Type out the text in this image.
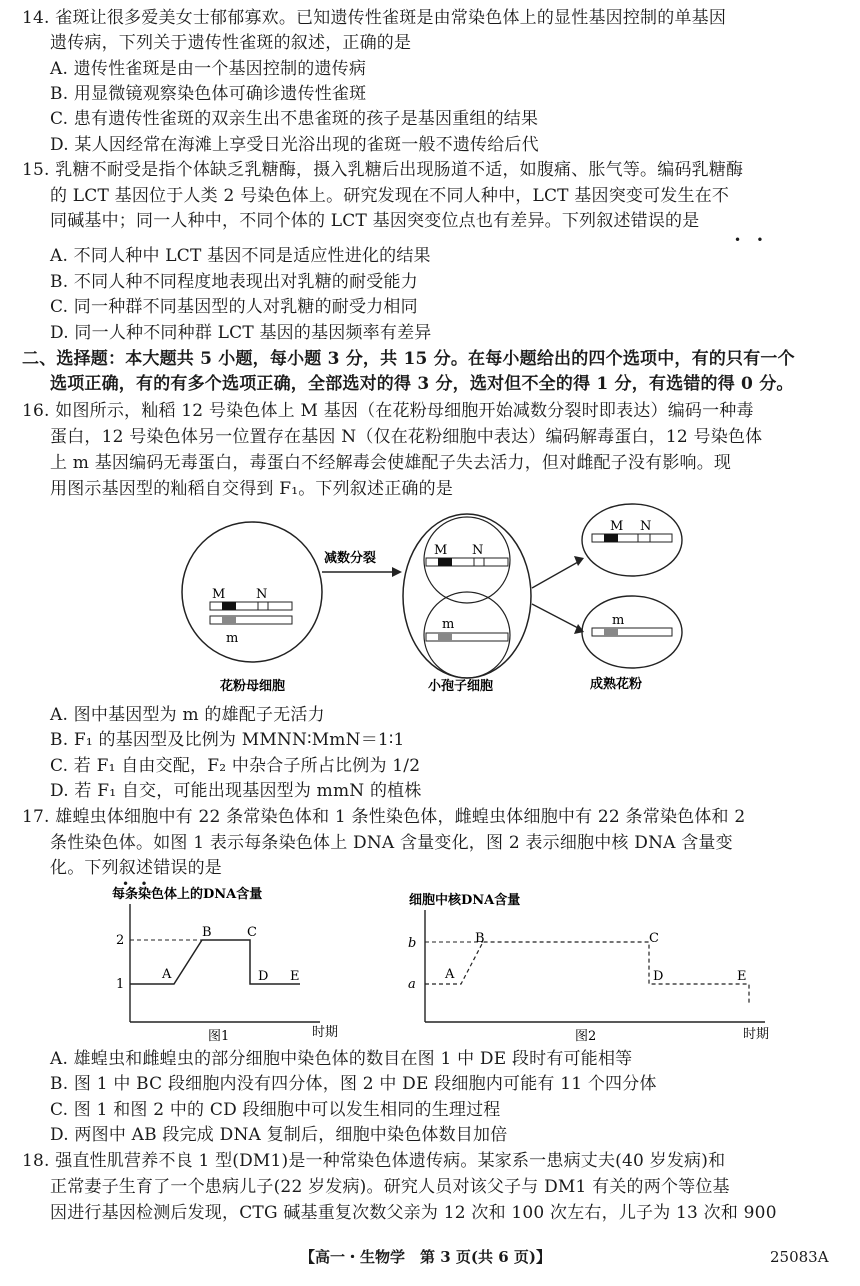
14. 雀斑让很多爱美女士郁郁寡欢。已知遗传性雀斑是由常染色体上的显性基因控制的单基因
遗传病，下列关于遗传性雀斑的叙述，正确的是
A. 遗传性雀斑是由一个基因控制的遗传病
B. 用显微镜观察染色体可确诊遗传性雀斑
C. 患有遗传性雀斑的双亲生出不患雀斑的孩子是基因重组的结果
D. 某人因经常在海滩上享受日光浴出现的雀斑一般不遗传给后代
15. 乳糖不耐受是指个体缺乏乳糖酶，摄入乳糖后出现肠道不适，如腹痛、胀气等。编码乳糖酶
的 LCT 基因位于人类 2 号染色体上。研究发现在不同人种中，LCT 基因突变可发生在不
同碱基中；同一人种中，不同个体的 LCT 基因突变位点也有差异。下列叙述错误的是
•    •
A. 不同人种中 LCT 基因不同是适应性进化的结果
B. 不同人种不同程度地表现出对乳糖的耐受能力
C. 同一种群不同基因型的人对乳糖的耐受力相同
D. 同一人种不同种群 LCT 基因的基因频率有差异
二、选择题：本大题共 5 小题，每小题 3 分，共 15 分。在每小题给出的四个选项中，有的只有一个
选项正确，有的有多个选项正确，全部选对的得 3 分，选对但不全的得 1 分，有选错的得 0 分。
16. 如图所示，籼稻 12 号染色体上 M 基因（在花粉母细胞开始减数分裂时即表达）编码一种毒
蛋白，12 号染色体另一位置存在基因 N（仅在花粉细胞中表达）编码解毒蛋白，12 号染色体
上 m 基因编码无毒蛋白，毒蛋白不经解毒会使雄配子失去活力，但对雌配子没有影响。现
用图示基因型的籼稻自交得到 F₁。下列叙述正确的是
M N
m
花粉母细胞
减数分裂
M N
m
小孢子细胞
M N
m
成熟花粉
A. 图中基因型为 m 的雄配子无活力
B. F₁ 的基因型及比例为 MMNN∶MmN＝1∶1
C. 若 F₁ 自由交配，F₂ 中杂合子所占比例为 1/2
D. 若 F₁ 自交，可能出现基因型为 mmN 的植株
17. 雄蝗虫体细胞中有 22 条常染色体和 1 条性染色体，雌蝗虫体细胞中有 22 条常染色体和 2
条性染色体。如图 1 表示每条染色体上 DNA 含量变化，图 2 表示细胞中核 DNA 含量变
化。下列叙述错误的是
•   •
每条染色体上的DNA含量
2
1
A
B	C
D E
图1	时期
细胞中核DNA含量
b
a
A
B	C
D	E
图2	时期
A. 雄蝗虫和雌蝗虫的部分细胞中染色体的数目在图 1 中 DE 段时有可能相等
B. 图 1 中 BC 段细胞内没有四分体，图 2 中 DE 段细胞内可能有 11 个四分体
C. 图 1 和图 2 中的 CD 段细胞中可以发生相同的生理过程
D. 两图中 AB 段完成 DNA 复制后，细胞中染色体数目加倍
18. 强直性肌营养不良 1 型(DM1)是一种常染色体遗传病。某家系一患病丈夫(40 岁发病)和
正常妻子生育了一个患病儿子(22 岁发病)。研究人员对该父子与 DM1 有关的两个等位基
因进行基因检测后发现，CTG 碱基重复次数父亲为 12 次和 100 次左右，儿子为 13 次和 900
【高一・生物学　第 3 页(共 6 页)】	25083A
